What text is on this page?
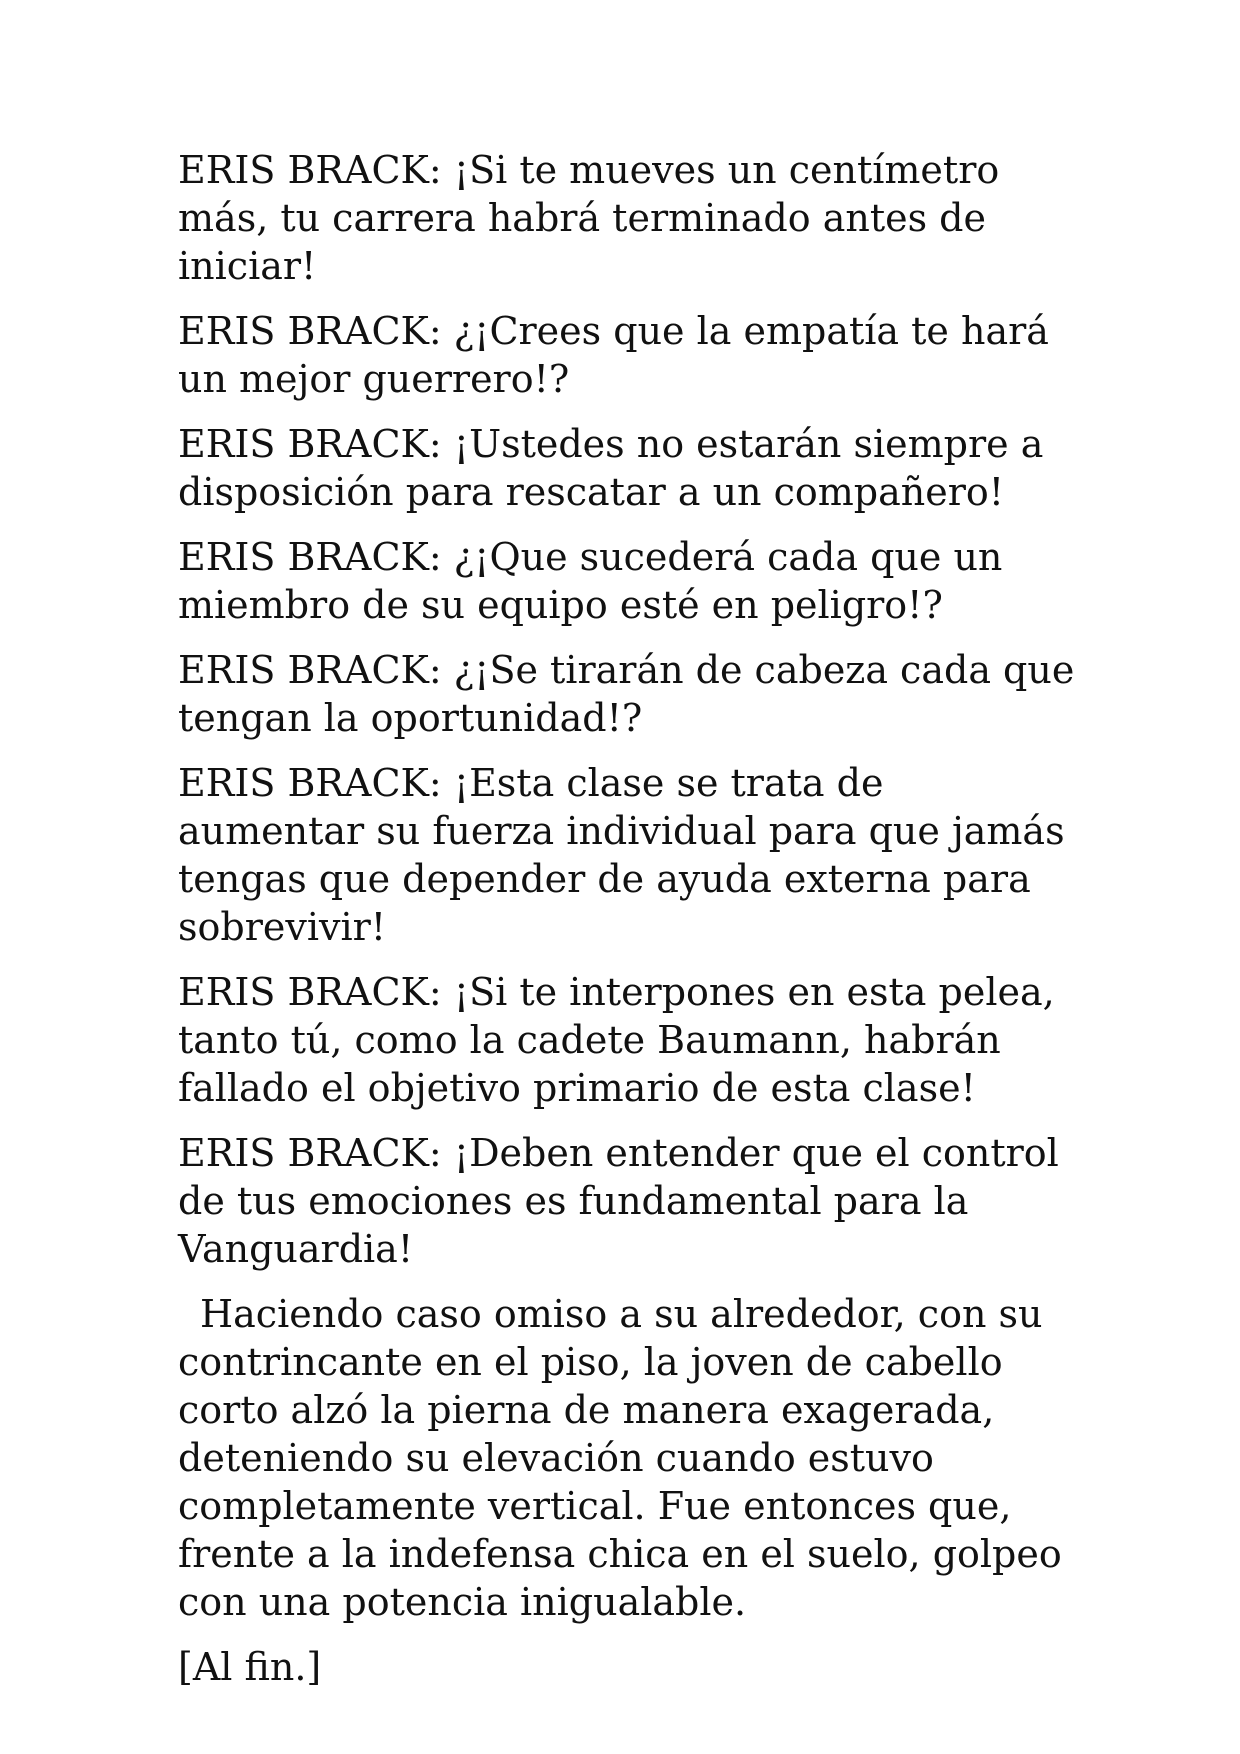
ERIS BRACK: ¡Si te mueves un centímetro más, tu carrera habrá terminado antes de iniciar!

ERIS BRACK: ¿¡Crees que la empatía te hará un mejor guerrero!?

ERIS BRACK: ¡Ustedes no estarán siempre a disposición para rescatar a un compañero!

ERIS BRACK: ¿¡Que sucederá cada que un miembro de su equipo esté en peligro!?

ERIS BRACK: ¿¡Se tirarán de cabeza cada que tengan la oportunidad!?

ERIS BRACK: ¡Esta clase se trata de aumentar su fuerza individual para que jamás tengas que depender de ayuda externa para sobrevivir!

ERIS BRACK: ¡Si te interpones en esta pelea, tanto tú, como la cadete Baumann, habrán fallado el objetivo primario de esta clase!

ERIS BRACK: ¡Deben entender que el control de tus emociones es fundamental para la Vanguardia!

Haciendo caso omiso a su alrededor, con su contrincante en el piso, la joven de cabello corto alzó la pierna de manera exagerada, deteniendo su elevación cuando estuvo completamente vertical. Fue entonces que, frente a la indefensa chica en el suelo, golpeo con una potencia inigualable.

[Al fin.]
